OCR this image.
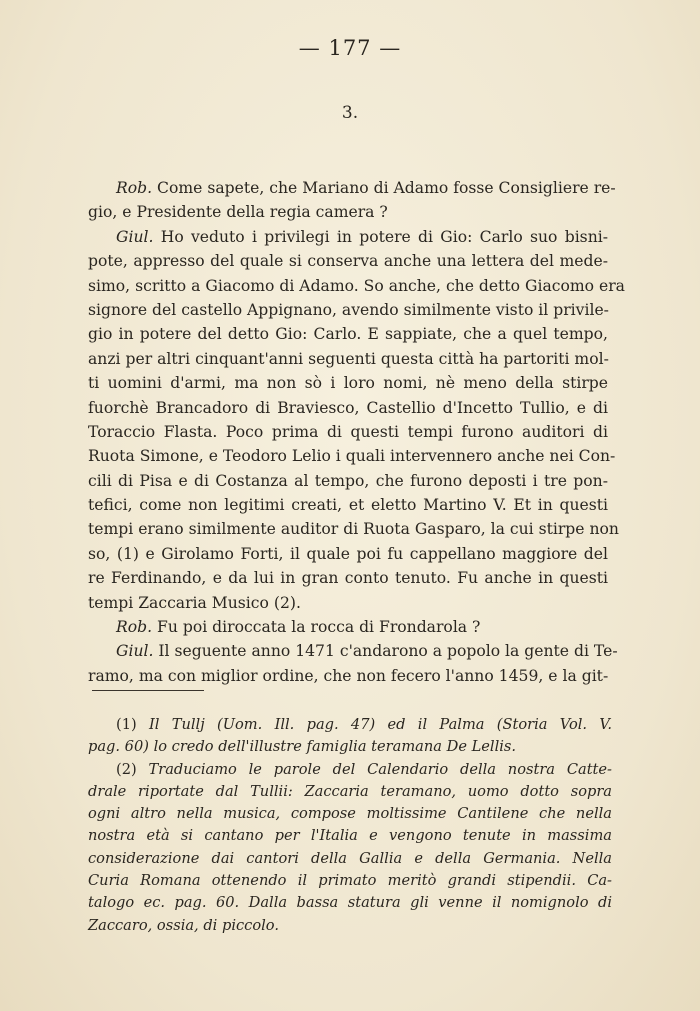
— 177 —
3.
Rob. Come sapete, che Mariano di Adamo fosse Consigliere re-
gio, e Presidente della regia camera ?
Giul. Ho veduto i privilegi in potere di Gio: Carlo suo bisni-
pote, appresso del quale si conserva anche una lettera del mede-
simo, scritto a Giacomo di Adamo. So anche, che detto Giacomo era
signore del castello Appignano, avendo similmente visto il privile-
gio in potere del detto Gio: Carlo. E sappiate, che a quel tempo,
anzi per altri cinquant'anni seguenti questa città ha partoriti mol-
ti uomini d'armi, ma non sò i loro nomi, nè meno della stirpe
fuorchè Brancadoro di Braviesco, Castellio d'Incetto Tullio, e di
Toraccio Flasta. Poco prima di questi tempi furono auditori di
Ruota Simone, e Teodoro Lelio i quali intervennero anche nei Con-
cili di Pisa e di Costanza al tempo, che furono deposti i tre pon-
tefici, come non legitimi creati, et eletto Martino V. Et in questi
tempi erano similmente auditor di Ruota Gasparo, la cui stirpe non
so, (1) e Girolamo Forti, il quale poi fu cappellano maggiore del
re Ferdinando, e da lui in gran conto tenuto. Fu anche in questi
tempi Zaccaria Musico (2).
Rob. Fu poi diroccata la rocca di Frondarola ?
Giul. Il seguente anno 1471 c'andarono a popolo la gente di Te-
ramo, ma con miglior ordine, che non fecero l'anno 1459, e la git-
(1) Il Tullj (Uom. Ill. pag. 47) ed il Palma (Storia Vol. V.
pag. 60) lo credo dell'illustre famiglia teramana De Lellis.
(2) Traduciamo le parole del Calendario della nostra Catte-
drale riportate dal Tullii: Zaccaria teramano, uomo dotto sopra
ogni altro nella musica, compose moltissime Cantilene che nella
nostra età si cantano per l'Italia e vengono tenute in massima
considerazione dai cantori della Gallia e della Germania. Nella
Curia Romana ottenendo il primato meritò grandi stipendii. Ca-
talogo ec. pag. 60. Dalla bassa statura gli venne il nomignolo di
Zaccaro, ossia, di piccolo.
